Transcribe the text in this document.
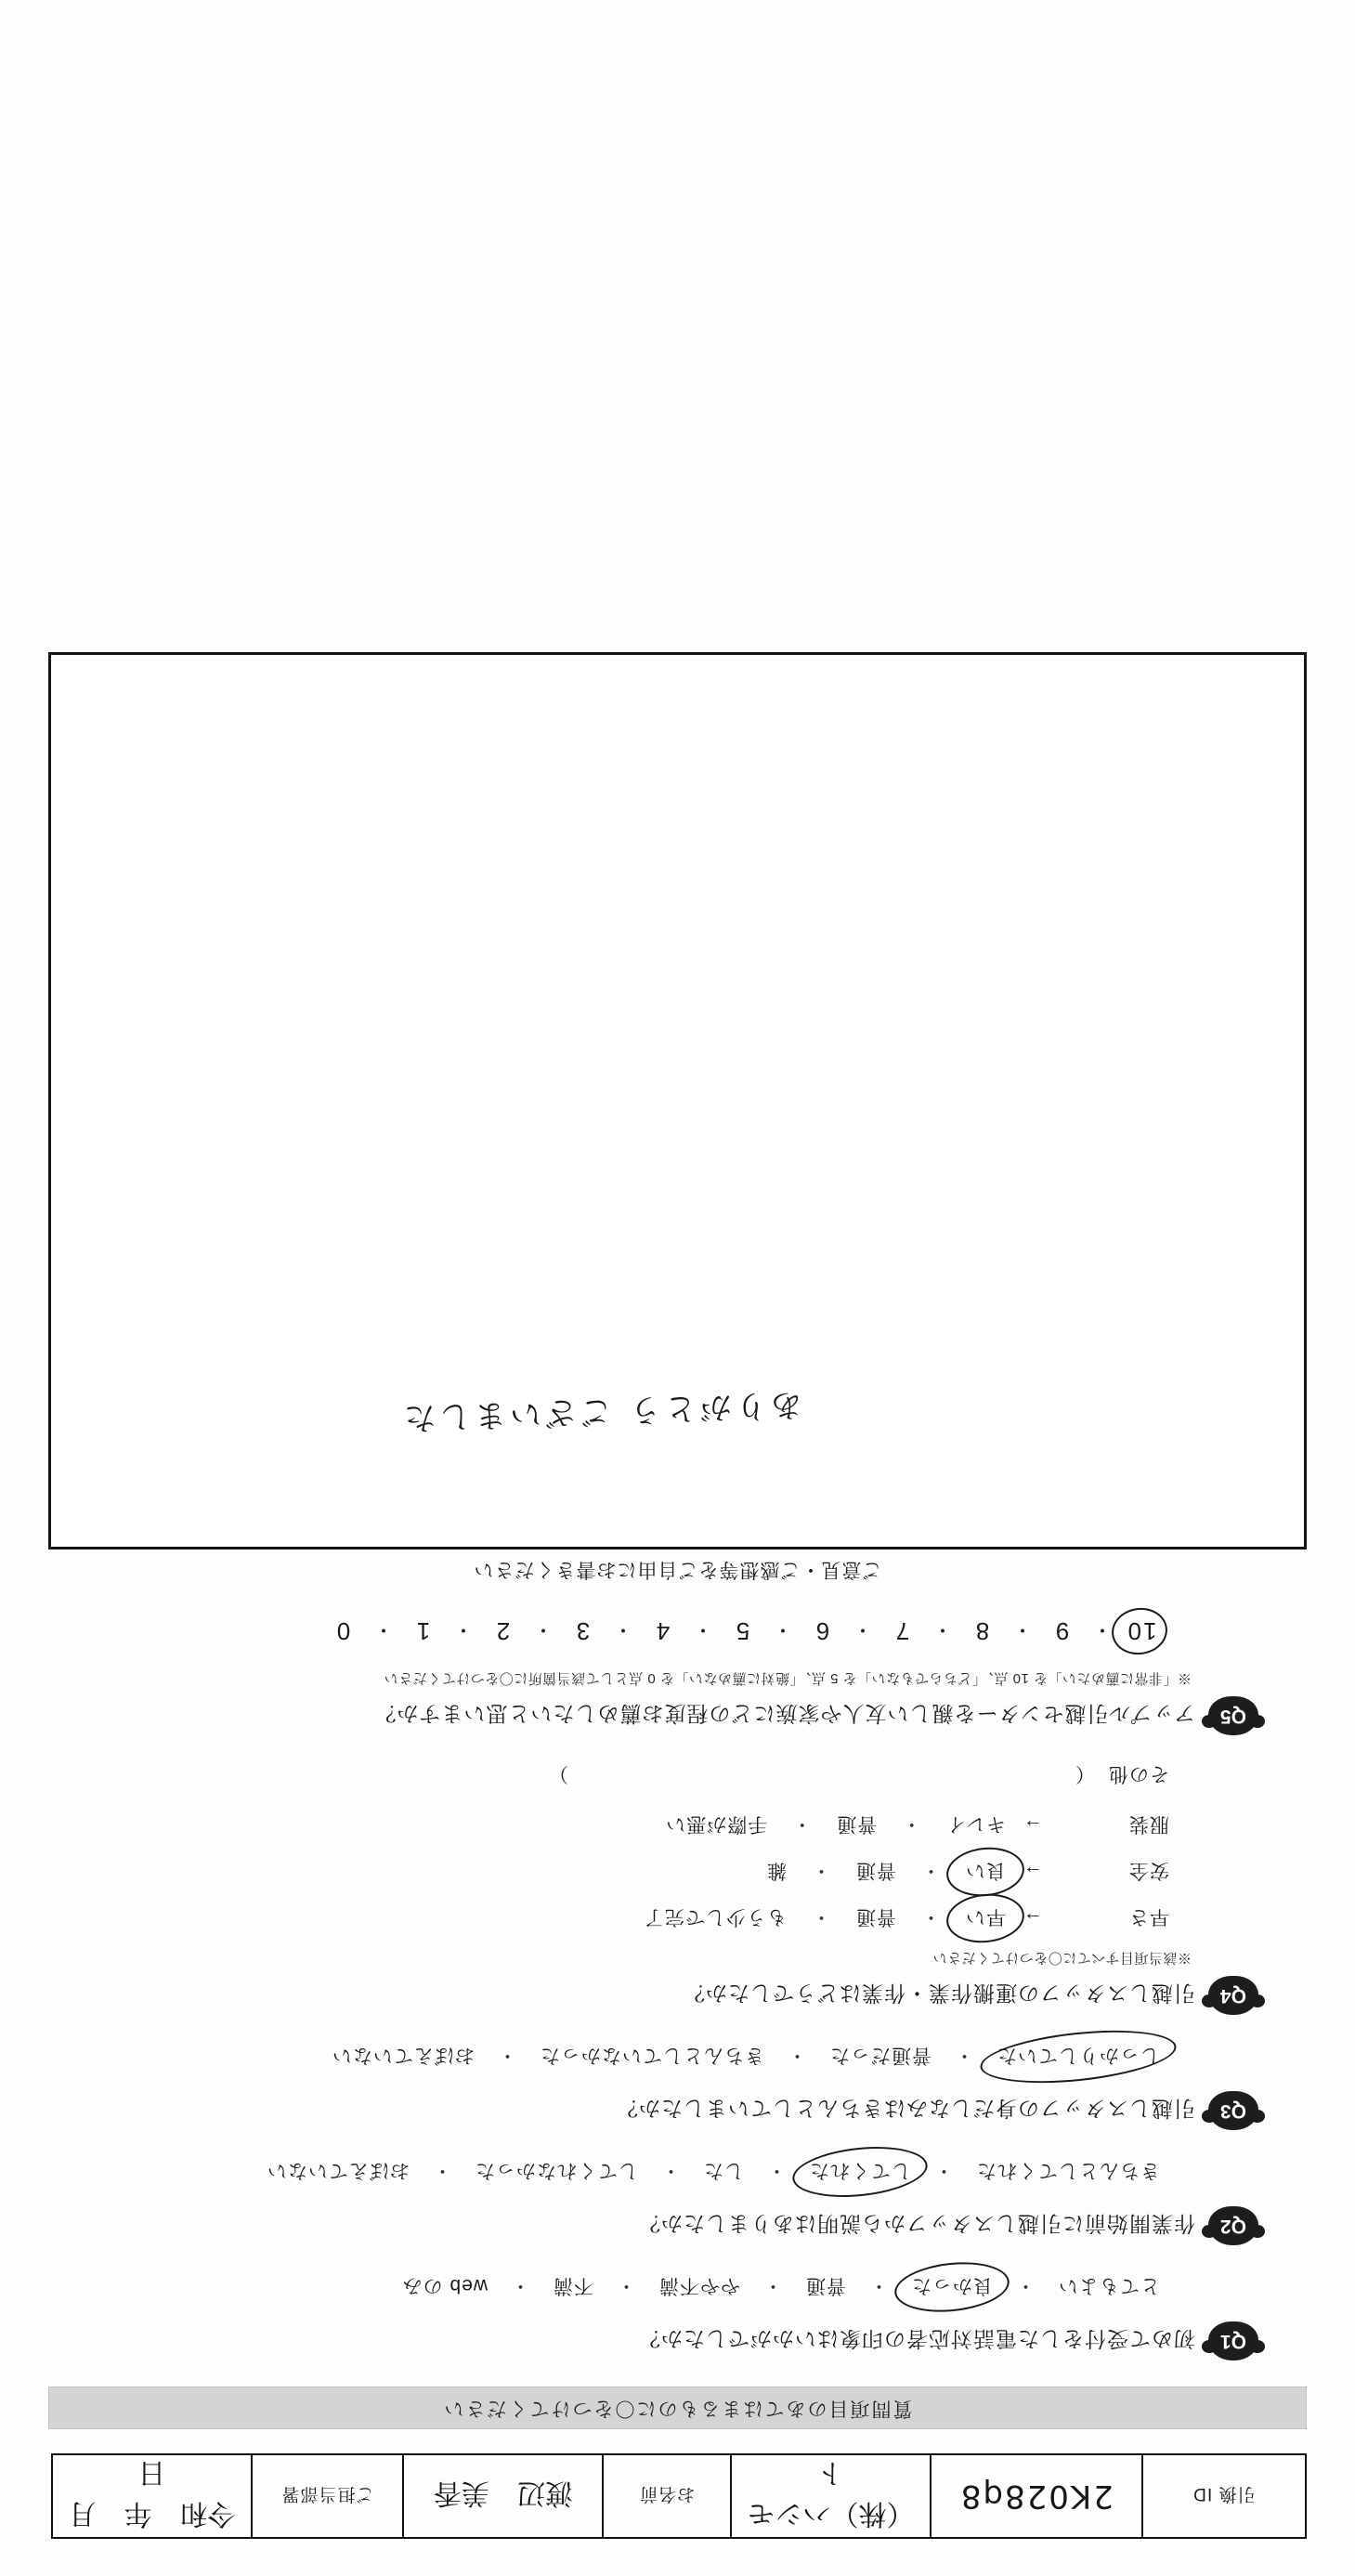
引換 ID	2K028q8	（株）ハシモト	お名前	渡辺　美香	ご担当部署	令和　年　月　日
質問項目のあてはまるものに〇をつけてください
Q1
初めて受付をした電話対応者の印象はいかがでしたか？
とてもよい
・
良かった
・
普通
・
やや不満
・
不満
・
web のみ
Q2
作業開始前に引越しスタッフから説明はありましたか？
きちんとしてくれた
・
してくれた
・
した
・
してくれなかった
・
おぼえていない
Q3
引越しスタッフの身だしなみはきちんとしていましたか？
しっかりしていた
・
普通だった
・
きちんとしていなかった
・
おぼえていない
Q4
引越しスタッフの運搬作業・作業はどうでしたか？
※該当項目すべてに〇をつけてください
早さ
→
早い
・
普通
・
もう少しで完了
安全
→
良い
・
普通
・
雑
服装
→
キレイ
・
普通
・
手際が悪い
その他
（　　　　　　　　　　　　　　　　　　　　　　　　　　）
Q5
アップル引越センターを親しい友人や家族にどの程度お薦めしたいと思いますか？
※「非常に薦めたい」を 10 点、「どちらでもない」を 5 点、「絶対に薦めない」を 0 点として該当箇所に〇をつけてください
10
・
9
・
8
・
7
・
6
・
5
・
4
・
3
・
2
・
1
・
0
ご意見・ご感想等をご自由にお書きください
ありがとう ございました
